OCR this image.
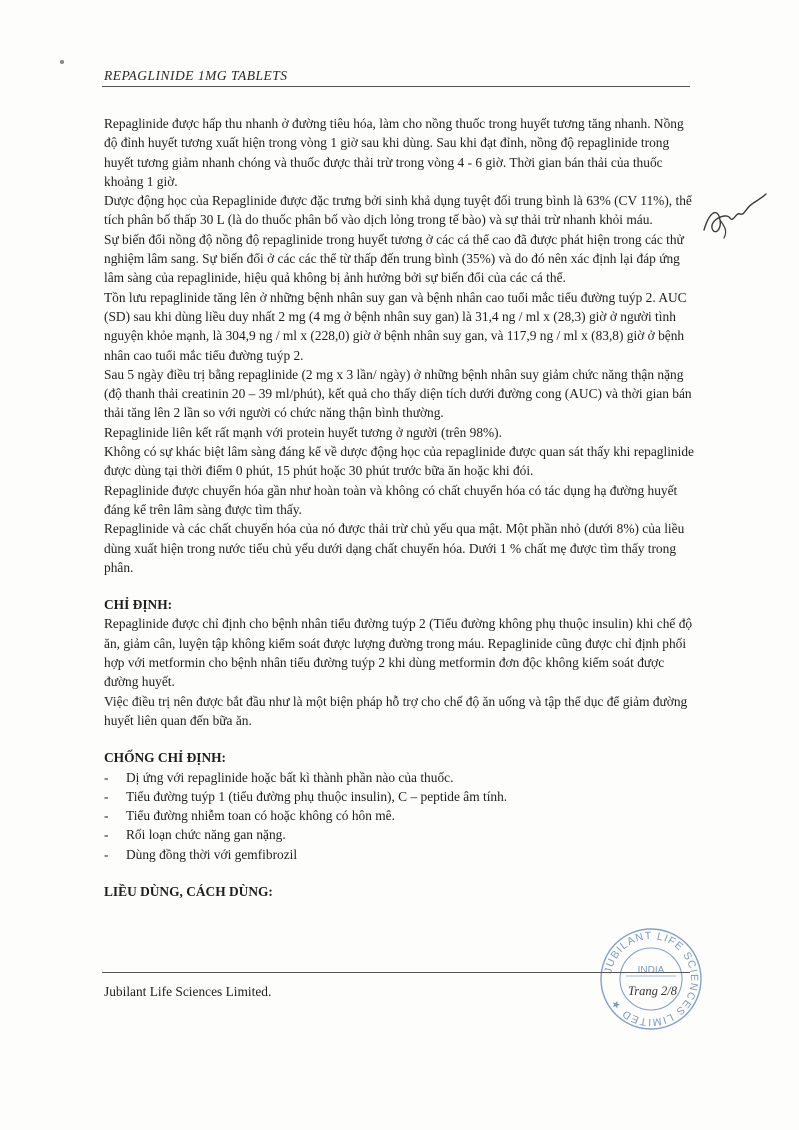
REPAGLINIDE 1MG TABLETS

Repaglinide được hấp thu nhanh ở đường tiêu hóa, làm cho nồng thuốc trong huyết tương tăng nhanh. Nồng độ đỉnh huyết tương xuất hiện trong vòng 1 giờ sau khi dùng. Sau khi đạt đỉnh, nồng độ repaglinide trong huyết tương giảm nhanh chóng và thuốc được thải trừ trong vòng 4 - 6 giờ. Thời gian bán thải của thuốc khoảng 1 giờ.

Dược động học của Repaglinide được đặc trưng bởi sinh khả dụng tuyệt đối trung bình là 63% (CV 11%), thể tích phân bố thấp 30 L (là do thuốc phân bố vào dịch lỏng trong tế bào) và sự thải trừ nhanh khỏi máu.

Sự biến đổi nồng độ nồng độ repaglinide trong huyết tương ở các cá thể cao đã được phát hiện trong các thử nghiệm lâm sang. Sự biến đổi ở các các thể từ thấp đến trung bình (35%) và do đó nên xác định lại đáp ứng lâm sàng của repaglinide, hiệu quả không bị ảnh hưởng bởi sự biến đổi của các cá thể.

Tồn lưu repaglinide tăng lên ở những bệnh nhân suy gan và bệnh nhân cao tuổi mắc tiểu đường tuýp 2. AUC (SD) sau khi dùng liều duy nhất 2 mg (4 mg ở bệnh nhân suy gan) là 31,4 ng / ml x (28,3) giờ ở người tình nguyện khỏe mạnh, là 304,9 ng / ml x (228,0) giờ ở bệnh nhân suy gan, và 117,9 ng / ml x (83,8) giờ ở bệnh nhân cao tuổi mắc tiểu đường tuýp 2.

Sau 5 ngày điều trị bằng repaglinide (2 mg x 3 lần/ ngày) ở những bệnh nhân suy giảm chức năng thận nặng (độ thanh thải creatinin 20 – 39 ml/phút), kết quả cho thấy diện tích dưới đường cong (AUC) và thời gian bán thải tăng lên 2 lần so với người có chức năng thận bình thường.

Repaglinide liên kết rất mạnh với protein huyết tương ở người (trên 98%).

Không có sự khác biệt lâm sàng đáng kể về dược động học của repaglinide được quan sát thấy khi repaglinide được dùng tại thời điểm 0 phút, 15 phút hoặc 30 phút trước bữa ăn hoặc khi đói.

Repaglinide được chuyển hóa gần như hoàn toàn và không có chất chuyển hóa có tác dụng hạ đường huyết đáng kể trên lâm sàng được tìm thấy.

Repaglinide và các chất chuyển hóa của nó được thải trừ chủ yếu qua mật. Một phần nhỏ (dưới 8%) của liều dùng xuất hiện trong nước tiểu chủ yếu dưới dạng chất chuyển hóa. Dưới 1 % chất mẹ được tìm thấy trong phân.

CHỈ ĐỊNH:

Repaglinide được chỉ định cho bệnh nhân tiểu đường tuýp 2 (Tiểu đường không phụ thuộc insulin) khi chế độ ăn, giảm cân, luyện tập không kiểm soát được lượng đường trong máu. Repaglinide cũng được chỉ định phối hợp với metformin cho bệnh nhân tiểu đường tuýp 2 khi dùng metformin đơn độc không kiểm soát được đường huyết.

Việc điều trị nên được bắt đầu như là một biện pháp hỗ trợ cho chế độ ăn uống và tập thể dục để giảm đường huyết liên quan đến bữa ăn.

CHỐNG CHỈ ĐỊNH:

- Dị ứng với repaglinide hoặc bất kì thành phần nào của thuốc.
- Tiểu đường tuýp 1 (tiểu đường phụ thuộc insulin), C – peptide âm tính.
- Tiểu đường nhiễm toan có hoặc không có hôn mê.
- Rối loạn chức năng gan nặng.
- Dùng đồng thời với gemfibrozil

LIỀU DÙNG, CÁCH DÙNG:

JUBILANT LIFE SCIENCES LIMITED ★
INDIA
Jubilant Life Sciences Limited.	Trang 2/8
